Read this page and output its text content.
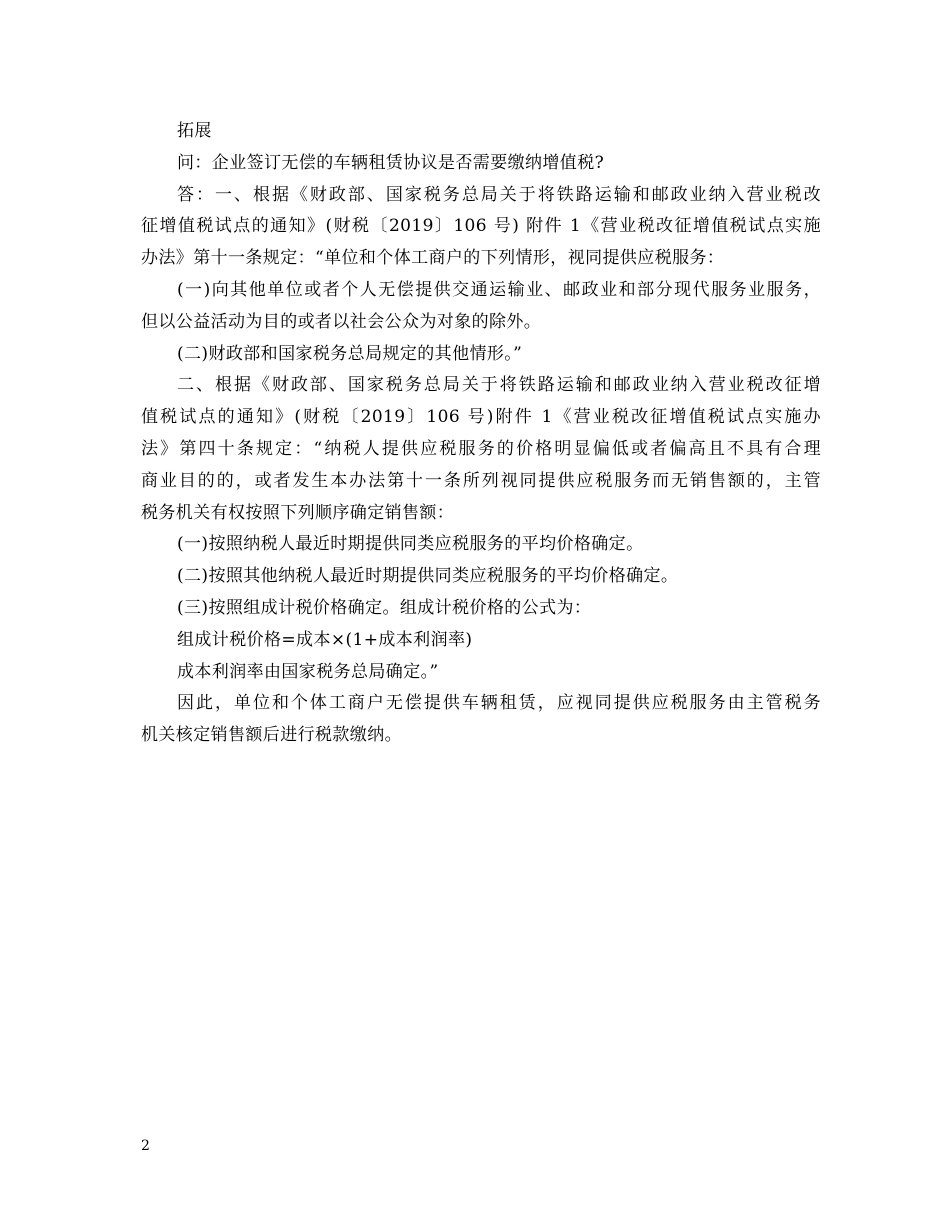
拓展
问：企业签订无偿的车辆租赁协议是否需要缴纳增值税?
答：一、根据《财政部、国家税务总局关于将铁路运输和邮政业纳入营业税改
征增值税试点的通知》(财税〔2019〕106 号) 附件 1《营业税改征增值税试点实施
办法》第十一条规定：“单位和个体工商户的下列情形，视同提供应税服务：
(一)向其他单位或者个人无偿提供交通运输业、邮政业和部分现代服务业服务，
但以公益活动为目的或者以社会公众为对象的除外。
(二)财政部和国家税务总局规定的其他情形。”
二、根据《财政部、国家税务总局关于将铁路运输和邮政业纳入营业税改征增
值税试点的通知》(财税〔2019〕106 号)附件 1《营业税改征增值税试点实施办
法》第四十条规定：“纳税人提供应税服务的价格明显偏低或者偏高且不具有合理
商业目的的，或者发生本办法第十一条所列视同提供应税服务而无销售额的，主管
税务机关有权按照下列顺序确定销售额：
(一)按照纳税人最近时期提供同类应税服务的平均价格确定。
(二)按照其他纳税人最近时期提供同类应税服务的平均价格确定。
(三)按照组成计税价格确定。组成计税价格的公式为：
组成计税价格=成本×(1+成本利润率)
成本利润率由国家税务总局确定。”
因此，单位和个体工商户无偿提供车辆租赁，应视同提供应税服务由主管税务
机关核定销售额后进行税款缴纳。
2
